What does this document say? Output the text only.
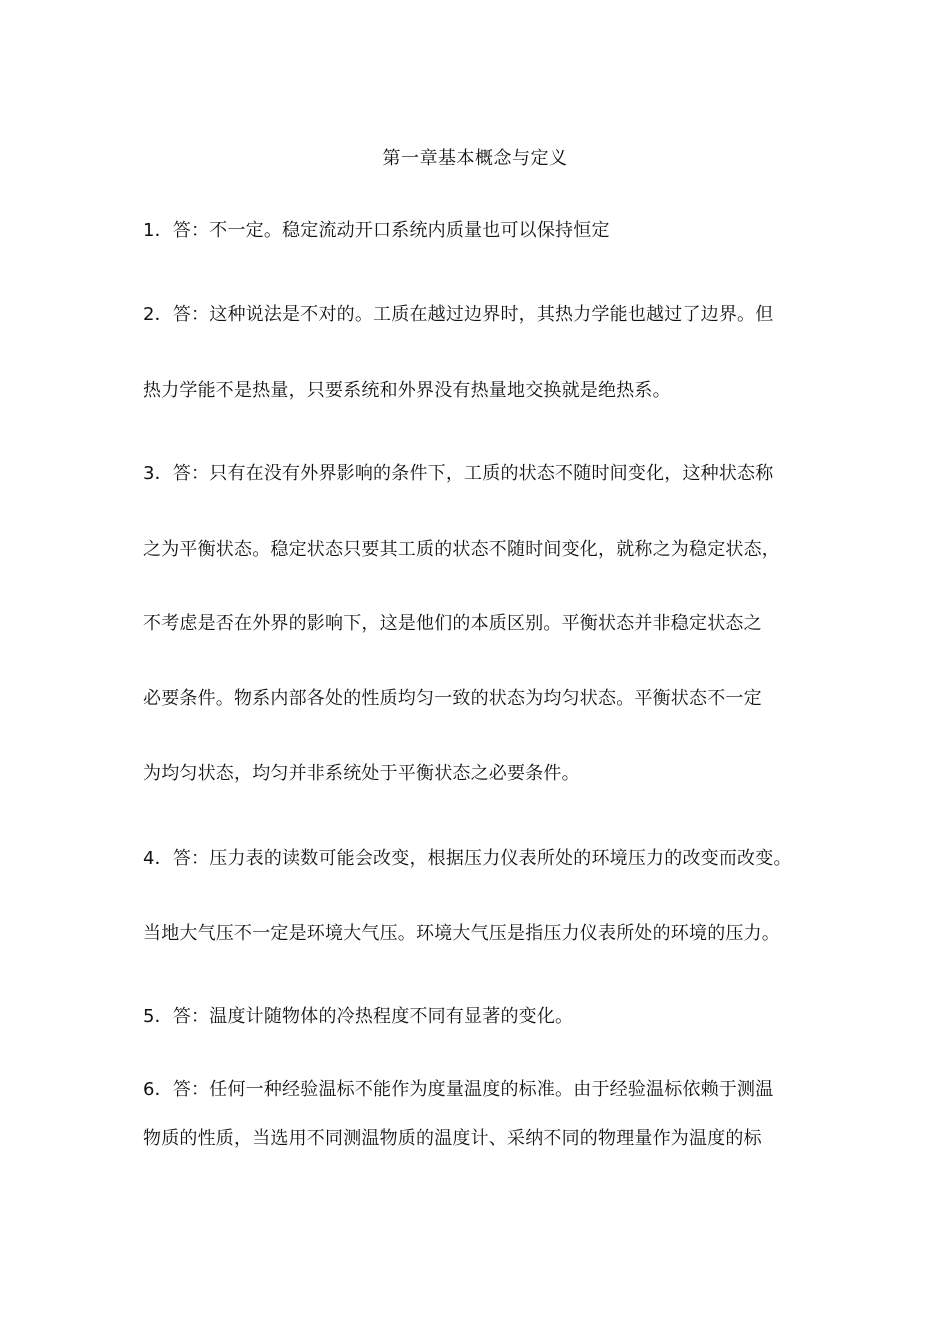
第一章基本概念与定义
1．答：不一定。稳定流动开口系统内质量也可以保持恒定
2．答：这种说法是不对的。工质在越过边界时，其热力学能也越过了边界。但
热力学能不是热量，只要系统和外界没有热量地交换就是绝热系。
3．答：只有在没有外界影响的条件下，工质的状态不随时间变化，这种状态称
之为平衡状态。稳定状态只要其工质的状态不随时间变化，就称之为稳定状态，
不考虑是否在外界的影响下，这是他们的本质区别。平衡状态并非稳定状态之
必要条件。物系内部各处的性质均匀一致的状态为均匀状态。平衡状态不一定
为均匀状态，均匀并非系统处于平衡状态之必要条件。
4．答：压力表的读数可能会改变，根据压力仪表所处的环境压力的改变而改变。
当地大气压不一定是环境大气压。环境大气压是指压力仪表所处的环境的压力。
5．答：温度计随物体的冷热程度不同有显著的变化。
6．答：任何一种经验温标不能作为度量温度的标准。由于经验温标依赖于测温
物质的性质，当选用不同测温物质的温度计、采纳不同的物理量作为温度的标
